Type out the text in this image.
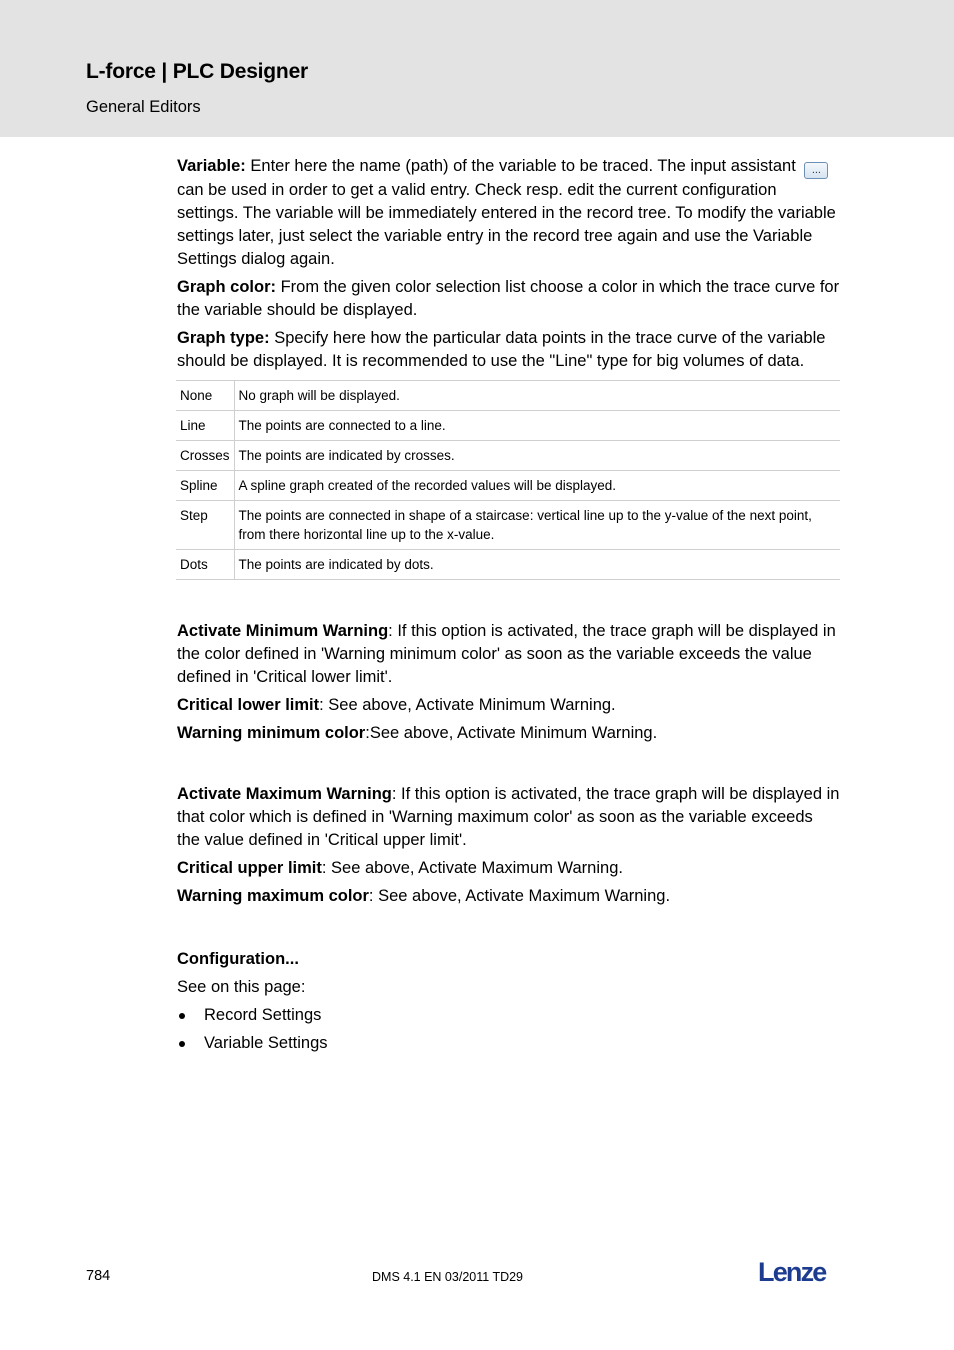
L-force | PLC Designer
General Editors

Variable: Enter here the name (path) of the variable to be traced. The input assistant ...can be used in order to get a valid entry. Check resp. edit the current configuration settings. The variable will be immediately entered in the record tree. To modify the variable settings later, just select the variable entry in the record tree again and use the Variable Settings dialog again.

Graph color: From the given color selection list choose a color in which the trace curve for the variable should be displayed.

Graph type: Specify here how the particular data points in the trace curve of the variable should be displayed. It is recommended to use the "Line" type for big volumes of data.

None	No graph will be displayed.
Line	The points are connected to a line.
Crosses	The points are indicated by crosses.
Spline	A spline graph created of the recorded values will be displayed.
Step	The points are connected in shape of a staircase: vertical line up to the y-value of the next point, from there horizontal line up to the x-value.
Dots	The points are indicated by dots.

Activate Minimum Warning: If this option is activated, the trace graph will be displayed in the color defined in 'Warning minimum color' as soon as the variable exceeds the value defined in 'Critical lower limit'.

Critical lower limit: See above, Activate Minimum Warning.

Warning minimum color:See above, Activate Minimum Warning.

Activate Maximum Warning: If this option is activated, the trace graph will be displayed in that color which is defined in 'Warning maximum color' as soon as the variable exceeds the value defined in 'Critical upper limit'.

Critical upper limit: See above, Activate Maximum Warning.

Warning maximum color: See above, Activate Maximum Warning.

Configuration...

See on this page:

Record Settings
Variable Settings
784	DMS 4.1 EN 03/2011 TD29	Lenze
